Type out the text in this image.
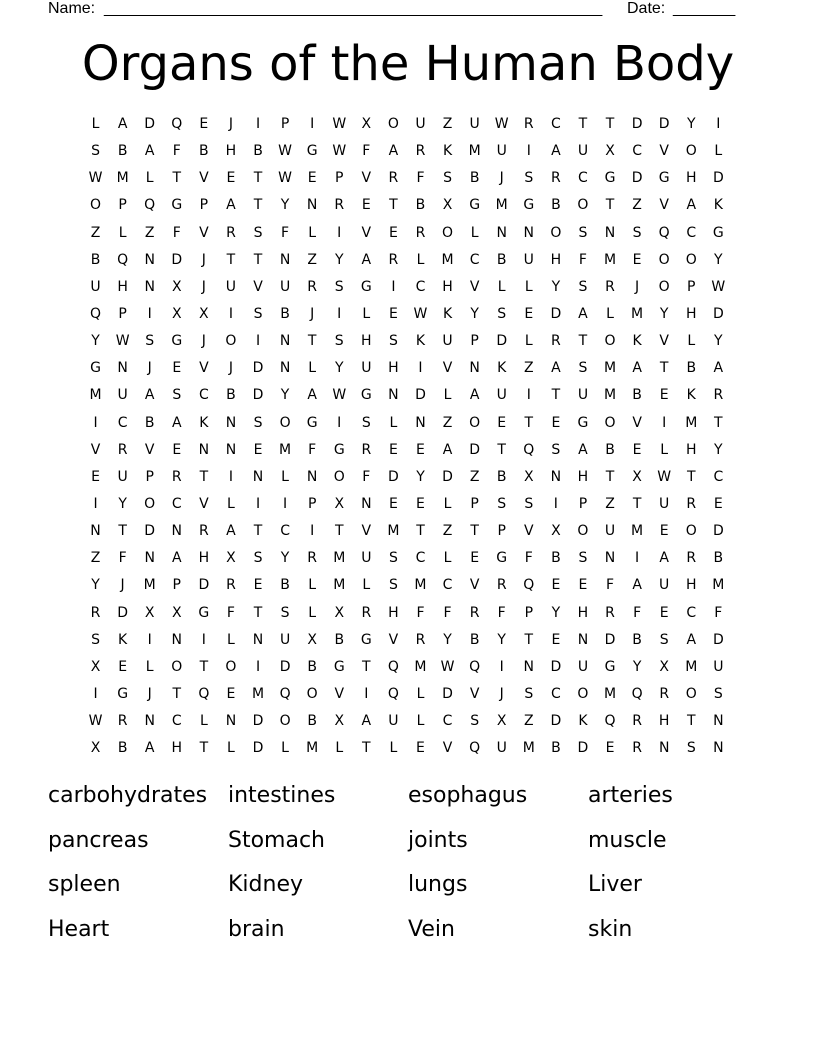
Name: ________________________________________________________ Date: _______
Organs of the Human Body
L	A	D	Q	E	J	I	P	I	W	X	O	U	Z	U	W	R	C	T	T	D	D	Y	I
S	B	A	F	B	H	B	W	G	W	F	A	R	K	M	U	I	A	U	X	C	V	O	L
W	M	L	T	V	E	T	W	E	P	V	R	F	S	B	J	S	R	C	G	D	G	H	D
O	P	Q	G	P	A	T	Y	N	R	E	T	B	X	G	M	G	B	O	T	Z	V	A	K
Z	L	Z	F	V	R	S	F	L	I	V	E	R	O	L	N	N	O	S	N	S	Q	C	G
B	Q	N	D	J	T	T	N	Z	Y	A	R	L	M	C	B	U	H	F	M	E	O	O	Y
U	H	N	X	J	U	V	U	R	S	G	I	C	H	V	L	L	Y	S	R	J	O	P	W
Q	P	I	X	X	I	S	B	J	I	L	E	W	K	Y	S	E	D	A	L	M	Y	H	D
Y	W	S	G	J	O	I	N	T	S	H	S	K	U	P	D	L	R	T	O	K	V	L	Y
G	N	J	E	V	J	D	N	L	Y	U	H	I	V	N	K	Z	A	S	M	A	T	B	A
M	U	A	S	C	B	D	Y	A	W	G	N	D	L	A	U	I	T	U	M	B	E	K	R
I	C	B	A	K	N	S	O	G	I	S	L	N	Z	O	E	T	E	G	O	V	I	M	T
V	R	V	E	N	N	E	M	F	G	R	E	E	A	D	T	Q	S	A	B	E	L	H	Y
E	U	P	R	T	I	N	L	N	O	F	D	Y	D	Z	B	X	N	H	T	X	W	T	C
I	Y	O	C	V	L	I	I	P	X	N	E	E	L	P	S	S	I	P	Z	T	U	R	E
N	T	D	N	R	A	T	C	I	T	V	M	T	Z	T	P	V	X	O	U	M	E	O	D
Z	F	N	A	H	X	S	Y	R	M	U	S	C	L	E	G	F	B	S	N	I	A	R	B
Y	J	M	P	D	R	E	B	L	M	L	S	M	C	V	R	Q	E	E	F	A	U	H	M
R	D	X	X	G	F	T	S	L	X	R	H	F	F	R	F	P	Y	H	R	F	E	C	F
S	K	I	N	I	L	N	U	X	B	G	V	R	Y	B	Y	T	E	N	D	B	S	A	D
X	E	L	O	T	O	I	D	B	G	T	Q	M	W	Q	I	N	D	U	G	Y	X	M	U
I	G	J	T	Q	E	M	Q	O	V	I	Q	L	D	V	J	S	C	O	M	Q	R	O	S
W	R	N	C	L	N	D	O	B	X	A	U	L	C	S	X	Z	D	K	Q	R	H	T	N
X	B	A	H	T	L	D	L	M	L	T	L	E	V	Q	U	M	B	D	E	R	N	S	N
carbohydrates intestines	esophagus	arteries
pancreas	Stomach	joints	muscle
spleen	Kidney	lungs	Liver
Heart	brain	Vein	skin
